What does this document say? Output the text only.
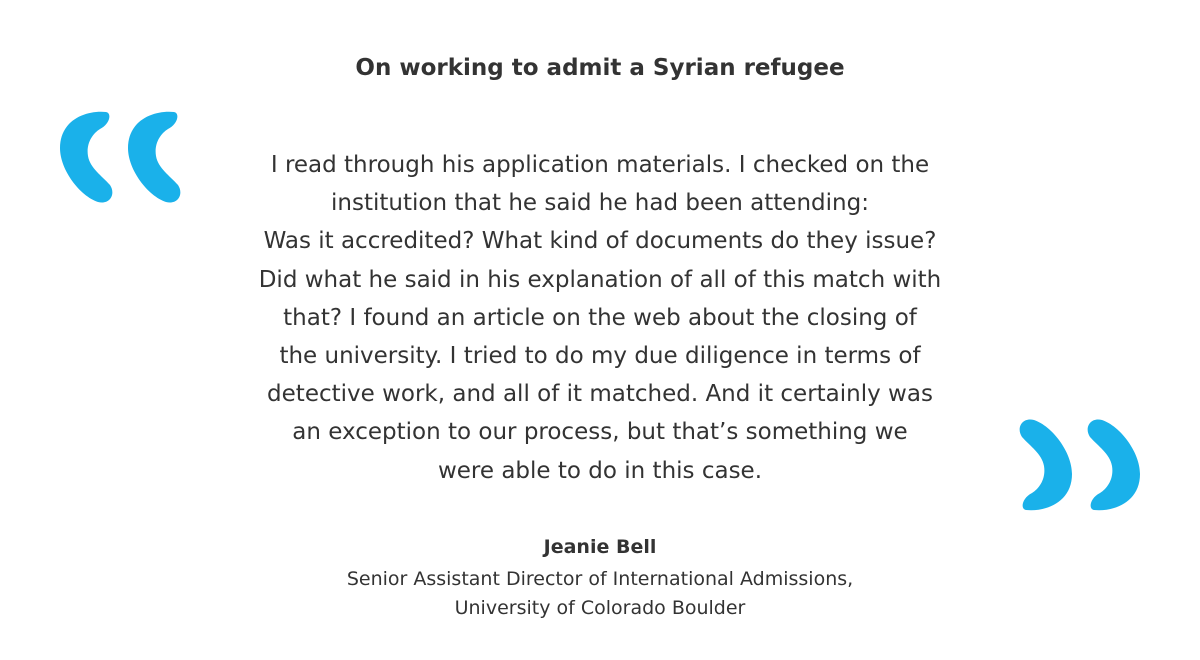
On working to admit a Syrian refugee
I read through his application materials. I checked on the
institution that he said he had been attending:
Was it accredited? What kind of documents do they issue?
Did what he said in his explanation of all of this match with
that? I found an article on the web about the closing of
the university. I tried to do my due diligence in terms of
detective work, and all of it matched. And it certainly was
an exception to our process, but that’s something we
were able to do in this case.
Jeanie Bell
Senior Assistant Director of International Admissions,
University of Colorado Boulder
